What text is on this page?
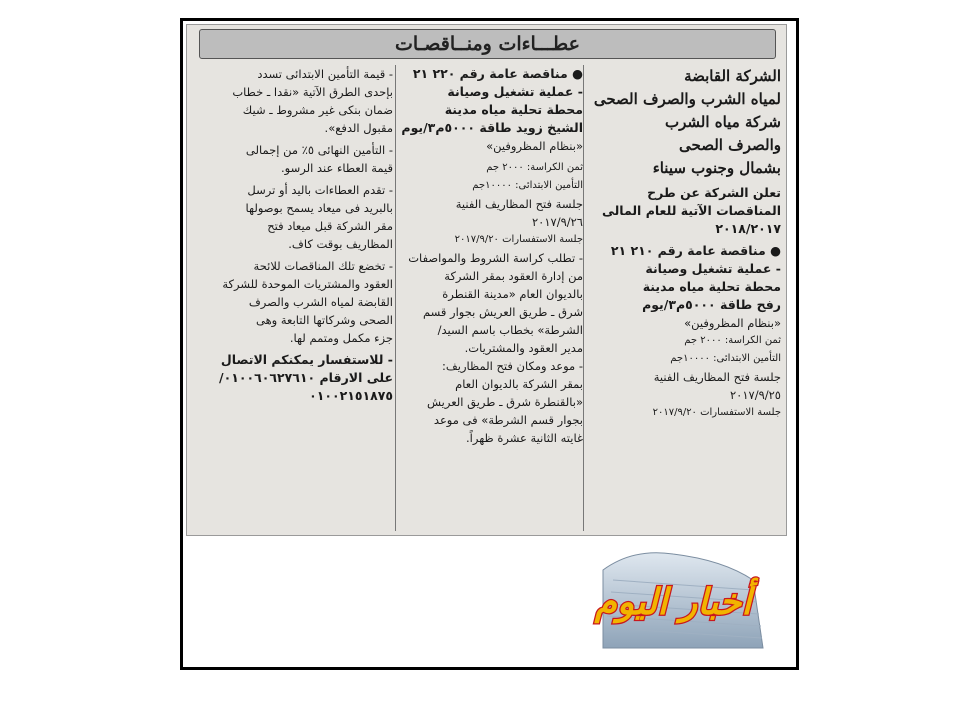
عطـــاءات ومنــاقصـات
الشركة القابضة
لمياه الشرب والصرف الصحى
شركة مياه الشرب
والصرف الصحى
بشمال وجنوب سيناء
تعلن الشركة عن طرح
المناقصات الآتية للعام المالى
٢٠١٨/٢٠١٧
● مناقصة عامة رقم ٢١٠ ٢١
- عملية تشغيل وصيانة
محطة تحلية مياه مدينة
رفح طاقة ٥٠٠٠م٣/يوم
«بنظام المظروفين»
ثمن الكراسة: ٢٠٠٠ جم
التأمين الابتدائى: ١٠٠٠٠جم
جلسة فتح المظاريف الفنية
٢٠١٧/٩/٢٥
جلسة الاستفسارات ٢٠١٧/٩/٢٠
● مناقصة عامة رقم ٢٢٠ ٢١
- عملية تشغيل وصيانة
محطة تحلية مياه مدينة
الشيخ زويد طاقة ٥٠٠٠م٣/يوم
«بنظام المظروفين»
ثمن الكراسة: ٢٠٠٠ جم
التأمين الابتدائى: ١٠٠٠٠جم
جلسة فتح المظاريف الفنية
٢٠١٧/٩/٢٦
جلسة الاستفسارات ٢٠١٧/٩/٢٠
- تطلب كراسة الشروط والمواصفات
من إدارة العقود بمقر الشركة
بالديوان العام «مدينة القنطرة
شرق ـ طريق العريش بجوار قسم
الشرطة» بخطاب باسم السيد/
مدير العقود والمشتريات.
- موعد ومكان فتح المظاريف:
بمقر الشركة بالديوان العام
«بالقنطرة شرق ـ طريق العريش
بجوار قسم الشرطة» فى موعد
غايته الثانية عشرة ظهراً.
- قيمة التأمين الابتدائى تسدد
بإحدى الطرق الآتية «نقدا ـ خطاب
ضمان بنكى غير مشروط ـ شيك
مقبول الدفع».
- التأمين النهائى ٥٪ من إجمالى
قيمة العطاء عند الرسو.
- تقدم العطاءات باليد أو ترسل
بالبريد فى ميعاد يسمح بوصولها
مقر الشركة قبل ميعاد فتح
المظاريف بوقت كاف.
- تخضع تلك المناقصات للائحة
العقود والمشتريات الموحدة للشركة
القابضة لمياه الشرب والصرف
الصحى وشركاتها التابعة وهى
جزء مكمل ومتمم لها.
- للاستفسار يمكنكم الاتصال
على الارقام ٠١٠٠٦٠٦٢٧٦١٠/
٠١٠٠٢١٥١٨٧٥
أخبار اليوم
